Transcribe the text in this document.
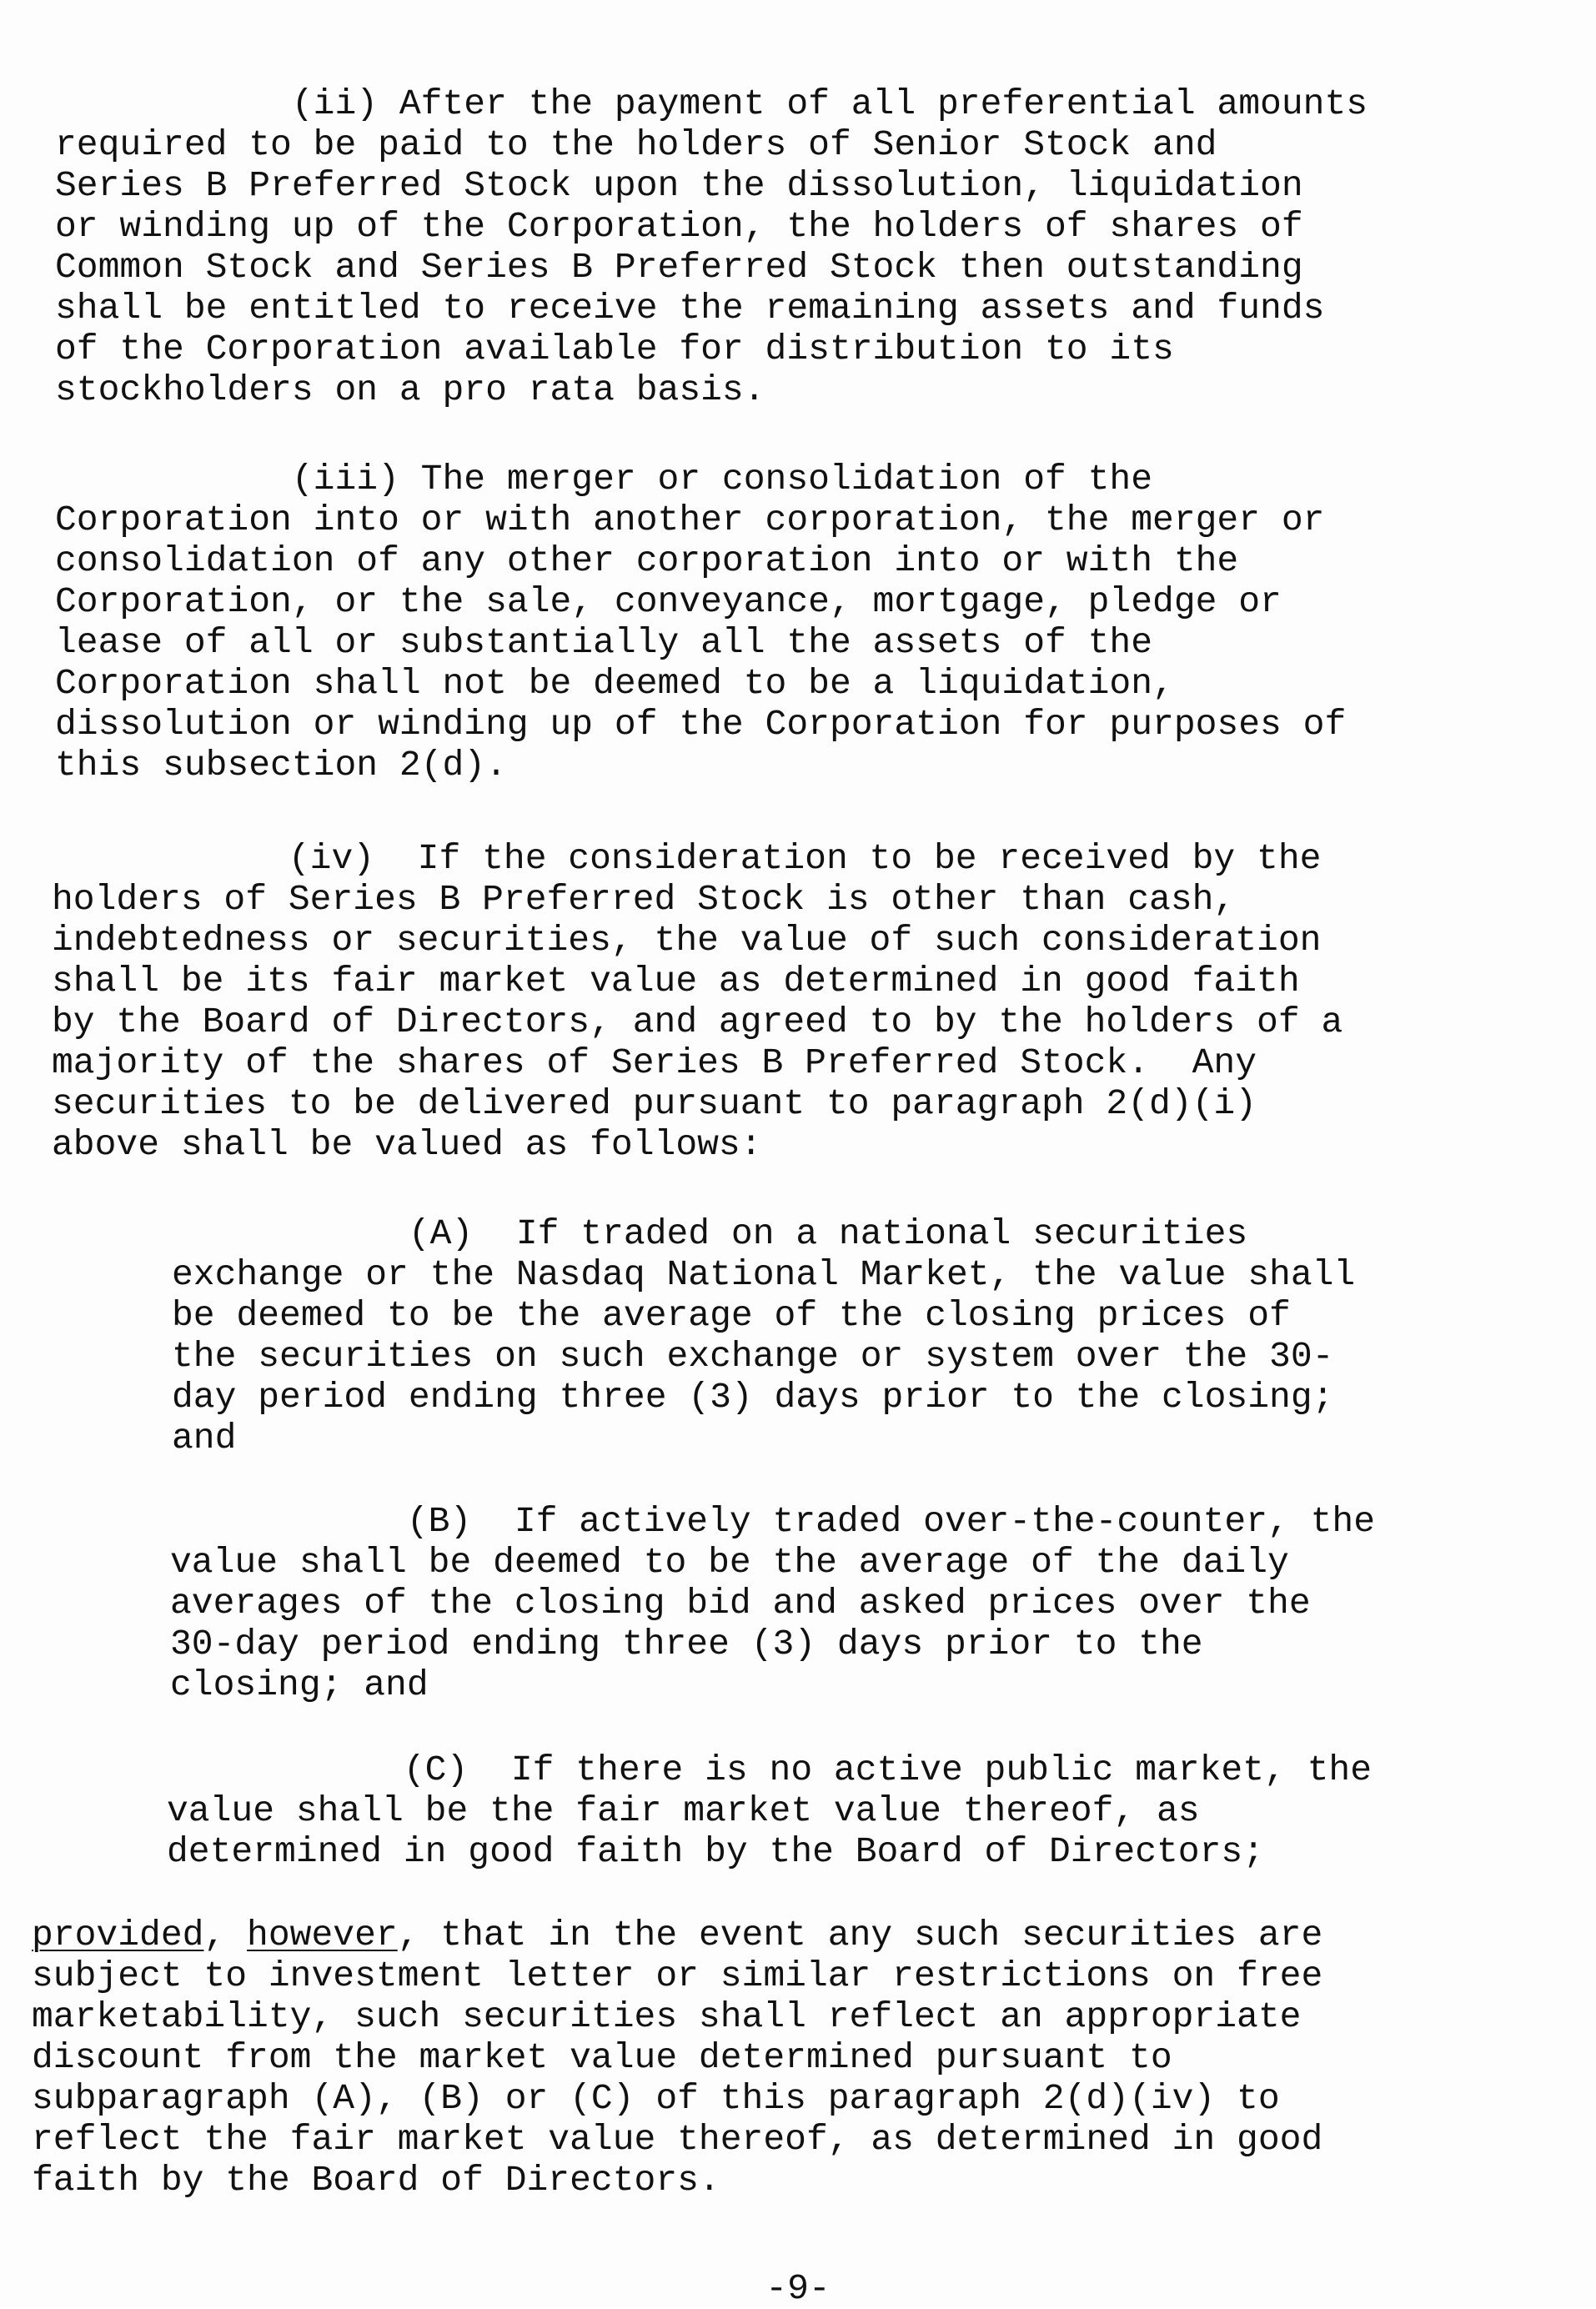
(ii) After the payment of all preferential amounts
required to be paid to the holders of Senior Stock and
Series B Preferred Stock upon the dissolution, liquidation
or winding up of the Corporation, the holders of shares of
Common Stock and Series B Preferred Stock then outstanding
shall be entitled to receive the remaining assets and funds
of the Corporation available for distribution to its
stockholders on a pro rata basis.
(iii) The merger or consolidation of the
Corporation into or with another corporation, the merger or
consolidation of any other corporation into or with the
Corporation, or the sale, conveyance, mortgage, pledge or
lease of all or substantially all the assets of the
Corporation shall not be deemed to be a liquidation,
dissolution or winding up of the Corporation for purposes of
this subsection 2(d).
(iv)  If the consideration to be received by the
holders of Series B Preferred Stock is other than cash,
indebtedness or securities, the value of such consideration
shall be its fair market value as determined in good faith
by the Board of Directors, and agreed to by the holders of a
majority of the shares of Series B Preferred Stock.  Any
securities to be delivered pursuant to paragraph 2(d)(i)
above shall be valued as follows:
(A)  If traded on a national securities
exchange or the Nasdaq National Market, the value shall
be deemed to be the average of the closing prices of
the securities on such exchange or system over the 30-
day period ending three (3) days prior to the closing;
and
(B)  If actively traded over-the-counter, the
value shall be deemed to be the average of the daily
averages of the closing bid and asked prices over the
30-day period ending three (3) days prior to the
closing; and
(C)  If there is no active public market, the
value shall be the fair market value thereof, as
determined in good faith by the Board of Directors;
provided, however, that in the event any such securities are
subject to investment letter or similar restrictions on free
marketability, such securities shall reflect an appropriate
discount from the market value determined pursuant to
subparagraph (A), (B) or (C) of this paragraph 2(d)(iv) to
reflect the fair market value thereof, as determined in good
faith by the Board of Directors.
-9-
